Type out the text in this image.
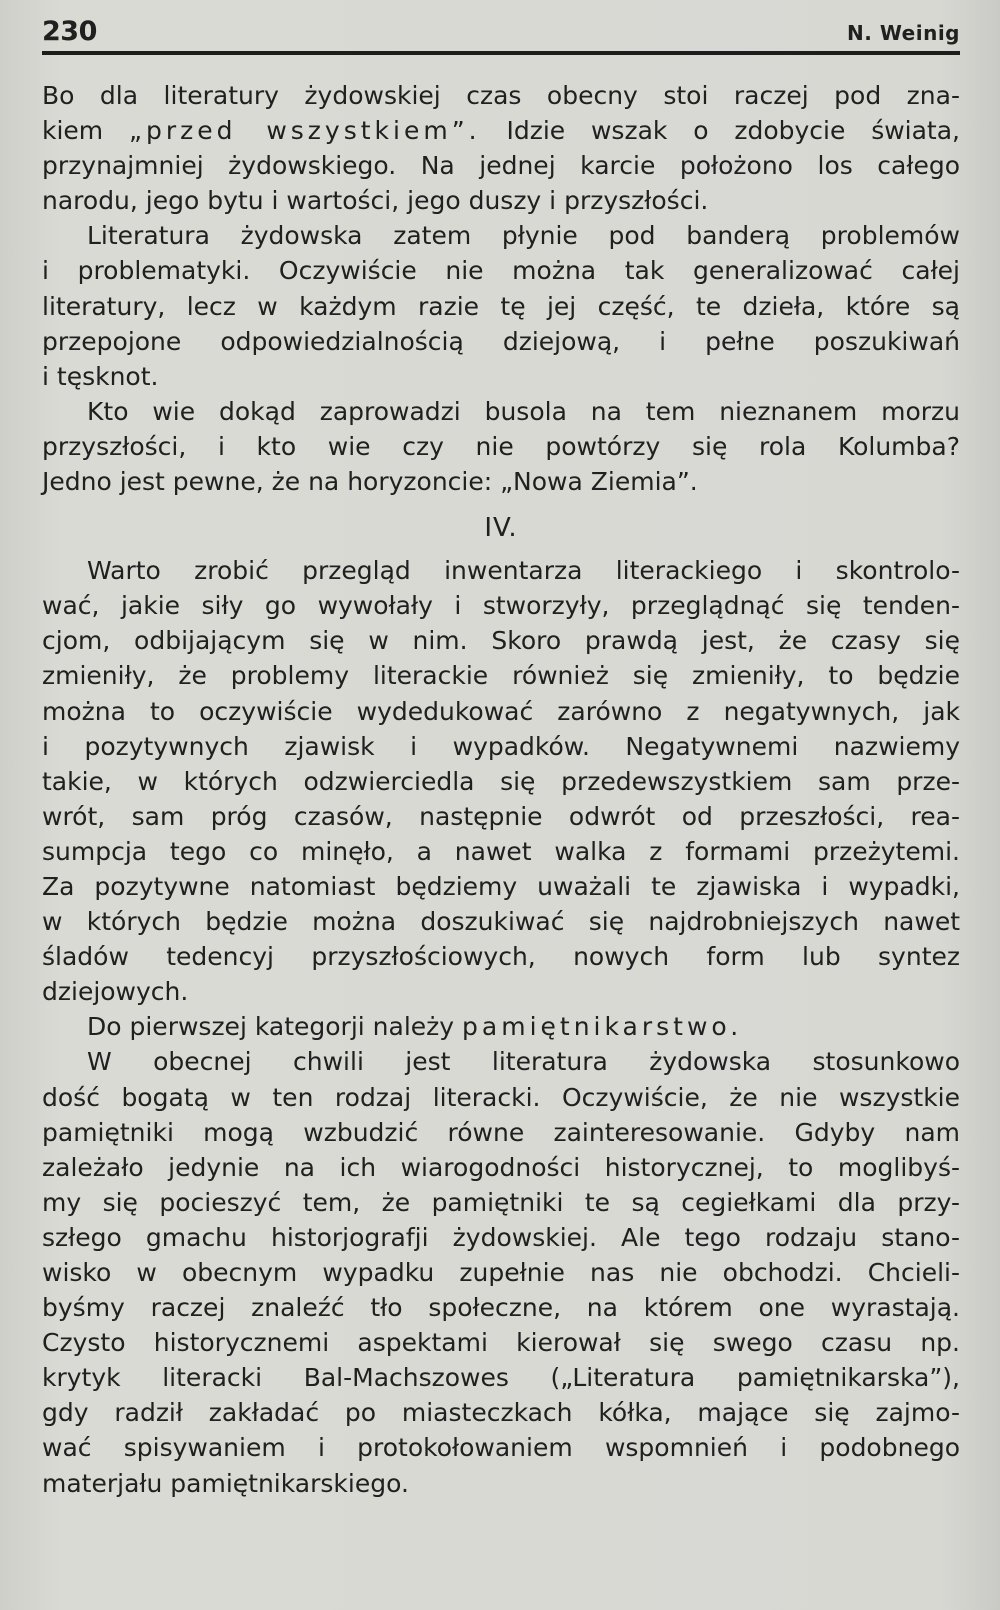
230	N. Weinig
Bo dla literatury żydowskiej czas obecny stoi raczej pod zna-
kiem „przed wszystkiem”. Idzie wszak o zdobycie świata,
przynajmniej żydowskiego. Na jednej karcie położono los całego
narodu, jego bytu i wartości, jego duszy i przyszłości.
Literatura żydowska zatem płynie pod banderą problemów
i problematyki. Oczywiście nie można tak generalizować całej
literatury, lecz w każdym razie tę jej część, te dzieła, które są
przepojone odpowiedzialnością dziejową, i pełne poszukiwań
i tęsknot.
Kto wie dokąd zaprowadzi busola na tem nieznanem morzu
przyszłości, i kto wie czy nie powtórzy się rola Kolumba?
Jedno jest pewne, że na horyzoncie: „Nowa Ziemia”.
IV.
Warto zrobić przegląd inwentarza literackiego i skontrolo-
wać, jakie siły go wywołały i stworzyły, przeglądnąć się tenden-
cjom, odbijającym się w nim. Skoro prawdą jest, że czasy się
zmieniły, że problemy literackie również się zmieniły, to będzie
można to oczywiście wydedukować zarówno z negatywnych, jak
i pozytywnych zjawisk i wypadków. Negatywnemi nazwiemy
takie, w których odzwierciedla się przedewszystkiem sam prze-
wrót, sam próg czasów, następnie odwrót od przeszłości, rea-
sumpcja tego co minęło, a nawet walka z formami przeżytemi.
Za pozytywne natomiast będziemy uważali te zjawiska i wypadki,
w których będzie można doszukiwać się najdrobniejszych nawet
śladów tedencyj przyszłościowych, nowych form lub syntez
dziejowych.
Do pierwszej kategorji należy pamiętnikarstwo.
W obecnej chwili jest literatura żydowska stosunkowo
dość bogatą w ten rodzaj literacki. Oczywiście, że nie wszystkie
pamiętniki mogą wzbudzić równe zainteresowanie. Gdyby nam
zależało jedynie na ich wiarogodności historycznej, to moglibyś-
my się pocieszyć tem, że pamiętniki te są cegiełkami dla przy-
szłego gmachu historjografji żydowskiej. Ale tego rodzaju stano-
wisko w obecnym wypadku zupełnie nas nie obchodzi. Chcieli-
byśmy raczej znaleźć tło społeczne, na którem one wyrastają.
Czysto historycznemi aspektami kierował się swego czasu np.
krytyk literacki Bal-Machszowes („Literatura pamiętnikarska”),
gdy radził zakładać po miasteczkach kółka, mające się zajmo-
wać spisywaniem i protokołowaniem wspomnień i podobnego
materjału pamiętnikarskiego.
